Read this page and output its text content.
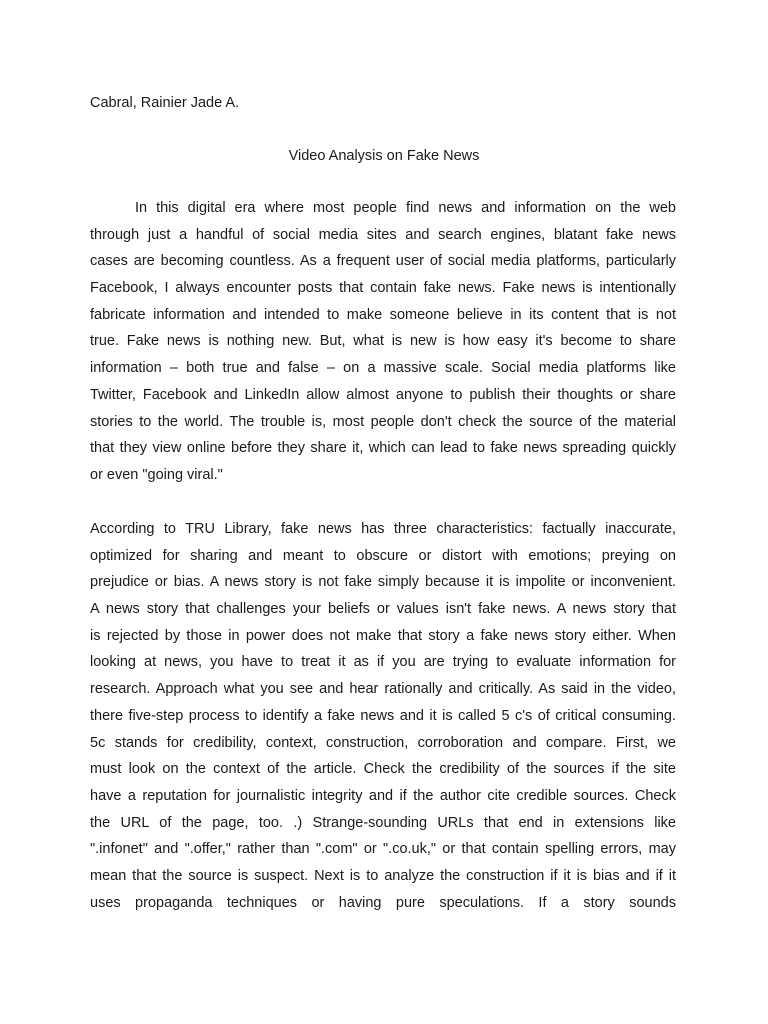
Cabral, Rainier Jade A.
Video Analysis on Fake News
In this digital era where most people find news and information on the web
through just a handful of social media sites and search engines, blatant fake news
cases are becoming countless. As a frequent user of social media platforms, particularly
Facebook, I always encounter posts that contain fake news. Fake news is intentionally
fabricate information and intended to make someone believe in its content that is not
true. Fake news is nothing new. But, what is new is how easy it's become to share
information – both true and false – on a massive scale. Social media platforms like
Twitter, Facebook and LinkedIn allow almost anyone to publish their thoughts or share
stories to the world. The trouble is, most people don't check the source of the material
that they view online before they share it, which can lead to fake news spreading quickly
or even "going viral."
According to TRU Library, fake news has three characteristics: factually inaccurate,
optimized for sharing and meant to obscure or distort with emotions; preying on
prejudice or bias. A news story is not fake simply because it is impolite or inconvenient.
A news story that challenges your beliefs or values isn't fake news. A news story that
is rejected by those in power does not make that story a fake news story either. When
looking at news, you have to treat it as if you are trying to evaluate information for
research. Approach what you see and hear rationally and critically. As said in the video,
there five-step process to identify a fake news and it is called 5 c's of critical consuming.
5c stands for credibility, context, construction, corroboration and compare. First, we
must look on the context of the article. Check the credibility of the sources if the site
have a reputation for journalistic integrity and if the author cite credible sources. Check
the URL of the page, too. .) Strange-sounding URLs that end in extensions like
".infonet" and ".offer," rather than ".com" or ".co.uk," or that contain spelling errors, may
mean that the source is suspect. Next is to analyze the construction if it is bias and if it
uses propaganda techniques or having pure speculations. If a story sounds
